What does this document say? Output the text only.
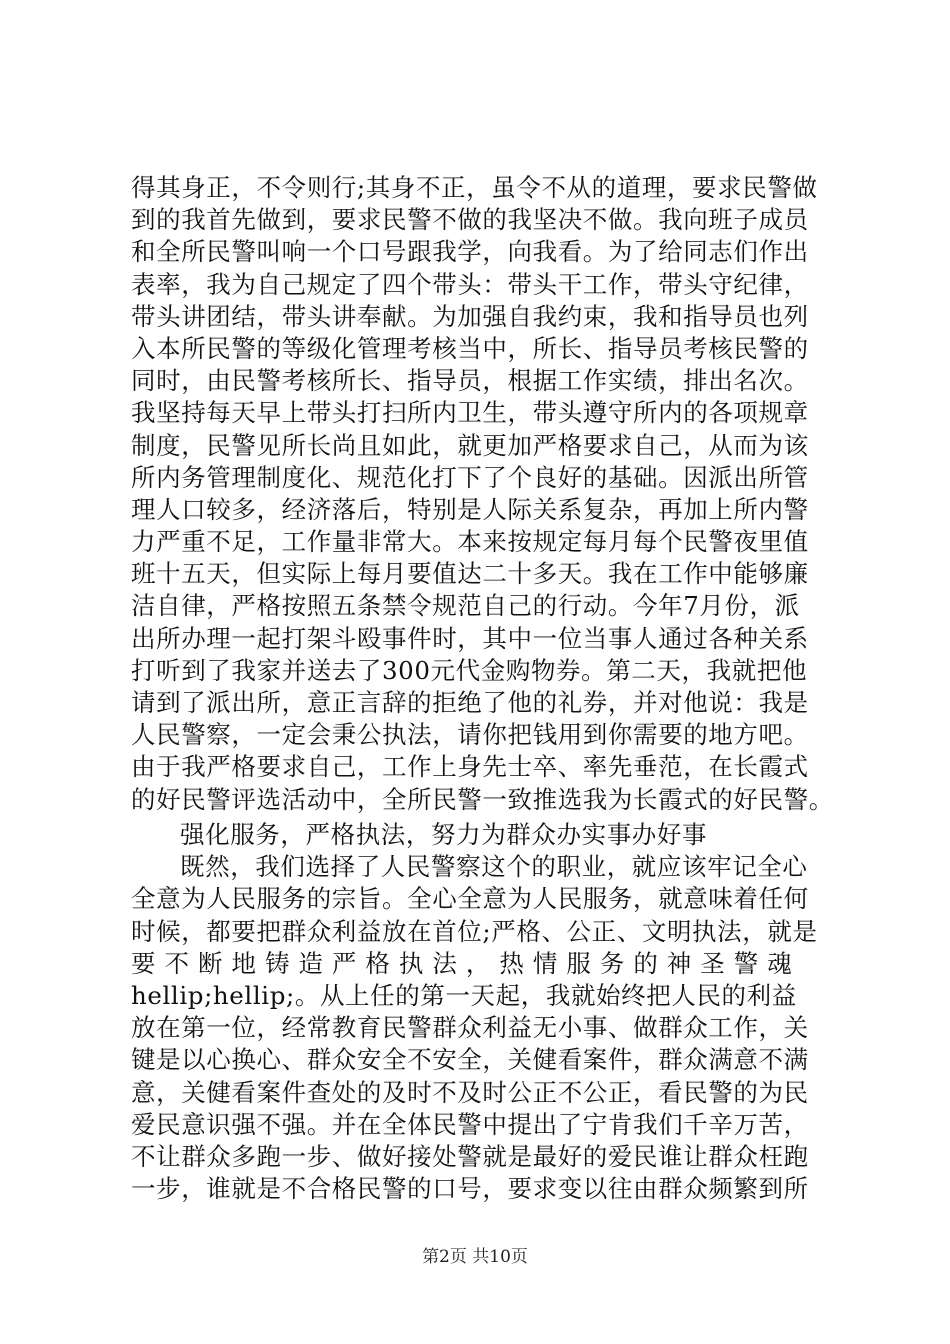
得其身正，不令则行;其身不正，虽令不从的道理，要求民警做
到的我首先做到，要求民警不做的我坚决不做。我向班子成员
和全所民警叫响一个口号跟我学，向我看。为了给同志们作出
表率，我为自己规定了四个带头：带头干工作，带头守纪律，
带头讲团结，带头讲奉献。为加强自我约束，我和指导员也列
入本所民警的等级化管理考核当中，所长、指导员考核民警的
同时，由民警考核所长、指导员，根据工作实绩，排出名次。
我坚持每天早上带头打扫所内卫生，带头遵守所内的各项规章
制度，民警见所长尚且如此，就更加严格要求自己，从而为该
所内务管理制度化、规范化打下了个良好的基础。因派出所管
理人口较多，经济落后，特别是人际关系复杂，再加上所内警
力严重不足，工作量非常大。本来按规定每月每个民警夜里值
班十五天，但实际上每月要值达二十多天。我在工作中能够廉
洁自律，严格按照五条禁令规范自己的行动。今年7月份，派
出所办理一起打架斗殴事件时，其中一位当事人通过各种关系
打听到了我家并送去了300元代金购物券。第二天，我就把他
请到了派出所，意正言辞的拒绝了他的礼券，并对他说：我是
人民警察，一定会秉公执法，请你把钱用到你需要的地方吧。
由于我严格要求自己，工作上身先士卒、率先垂范，在长霞式
的好民警评选活动中，全所民警一致推选我为长霞式的好民警。
强化服务，严格执法，努力为群众办实事办好事
既然，我们选择了人民警察这个的职业，就应该牢记全心
全意为人民服务的宗旨。全心全意为人民服务，就意味着任何
时候，都要把群众利益放在首位;严格、公正、文明执法，就是
要 不 断 地 铸 造 严 格 执 法 ， 热 情 服 务 的 神 圣 警 魂
hellip;hellip;。从上任的第一天起，我就始终把人民的利益
放在第一位，经常教育民警群众利益无小事、做群众工作，关
键是以心换心、群众安全不安全，关健看案件，群众满意不满
意，关健看案件查处的及时不及时公正不公正，看民警的为民
爱民意识强不强。并在全体民警中提出了宁肯我们千辛万苦，
不让群众多跑一步、做好接处警就是最好的爱民谁让群众枉跑
一步，谁就是不合格民警的口号，要求变以往由群众频繁到所
第2页 共10页
